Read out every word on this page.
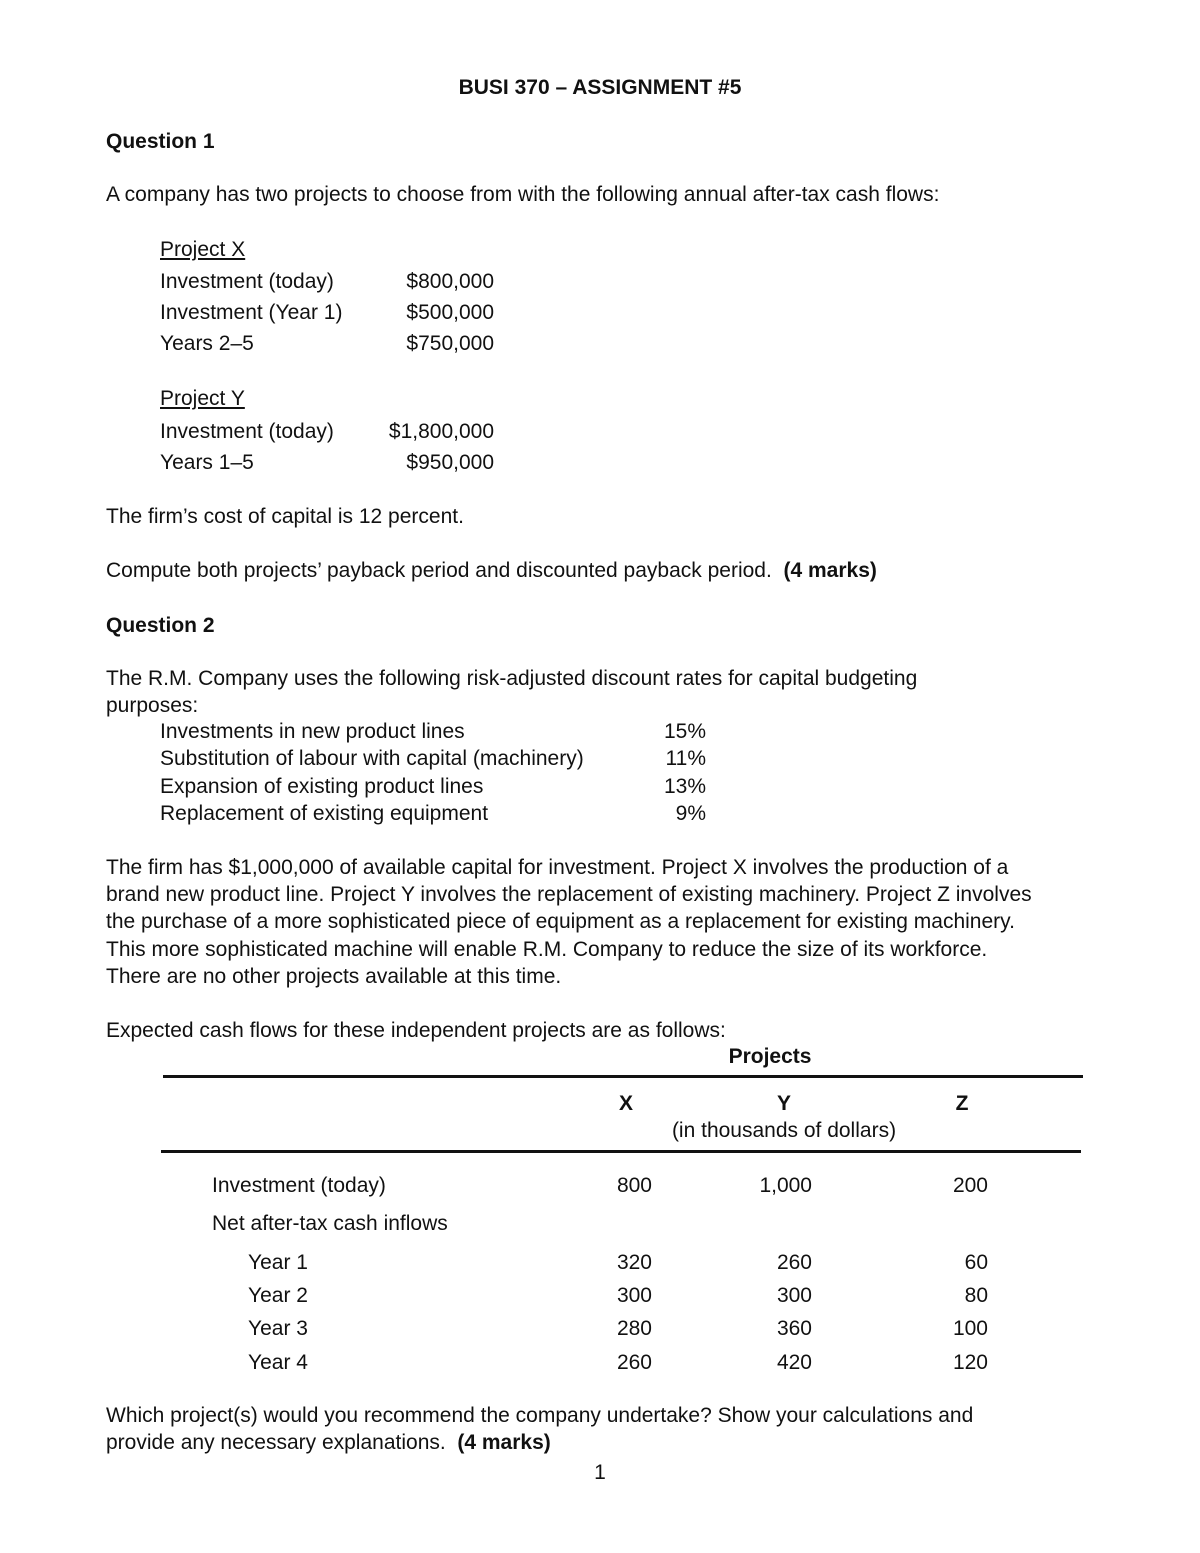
BUSI 370 – ASSIGNMENT #5
Question 1
A company has two projects to choose from with the following annual after-tax cash flows:
Project X
Investment (today)	$800,000
Investment (Year 1)	$500,000
Years 2–5	$750,000
Project Y
Investment (today)	$1,800,000
Years 1–5	$950,000
The firm’s cost of capital is 12 percent.
Compute both projects’ payback period and discounted payback period. (4 marks)
Question 2
The R.M. Company uses the following risk-adjusted discount rates for capital budgeting
purposes:
Investments in new product lines	15%
Substitution of labour with capital (machinery)	11%
Expansion of existing product lines	13%
Replacement of existing equipment	9%
The firm has $1,000,000 of available capital for investment. Project X involves the production of a
brand new product line. Project Y involves the replacement of existing machinery. Project Z involves
the purchase of a more sophisticated piece of equipment as a replacement for existing machinery.
This more sophisticated machine will enable R.M. Company to reduce the size of its workforce.
There are no other projects available at this time.
Expected cash flows for these independent projects are as follows:
Projects
X	Y	Z
(in thousands of dollars)
Investment (today)	800	1,000	200
Net after-tax cash inflows
Year 1	320	260	60
Year 2	300	300	80
Year 3	280	360	100
Year 4	260	420	120
Which project(s) would you recommend the company undertake? Show your calculations and
provide any necessary explanations. (4 marks)
1
